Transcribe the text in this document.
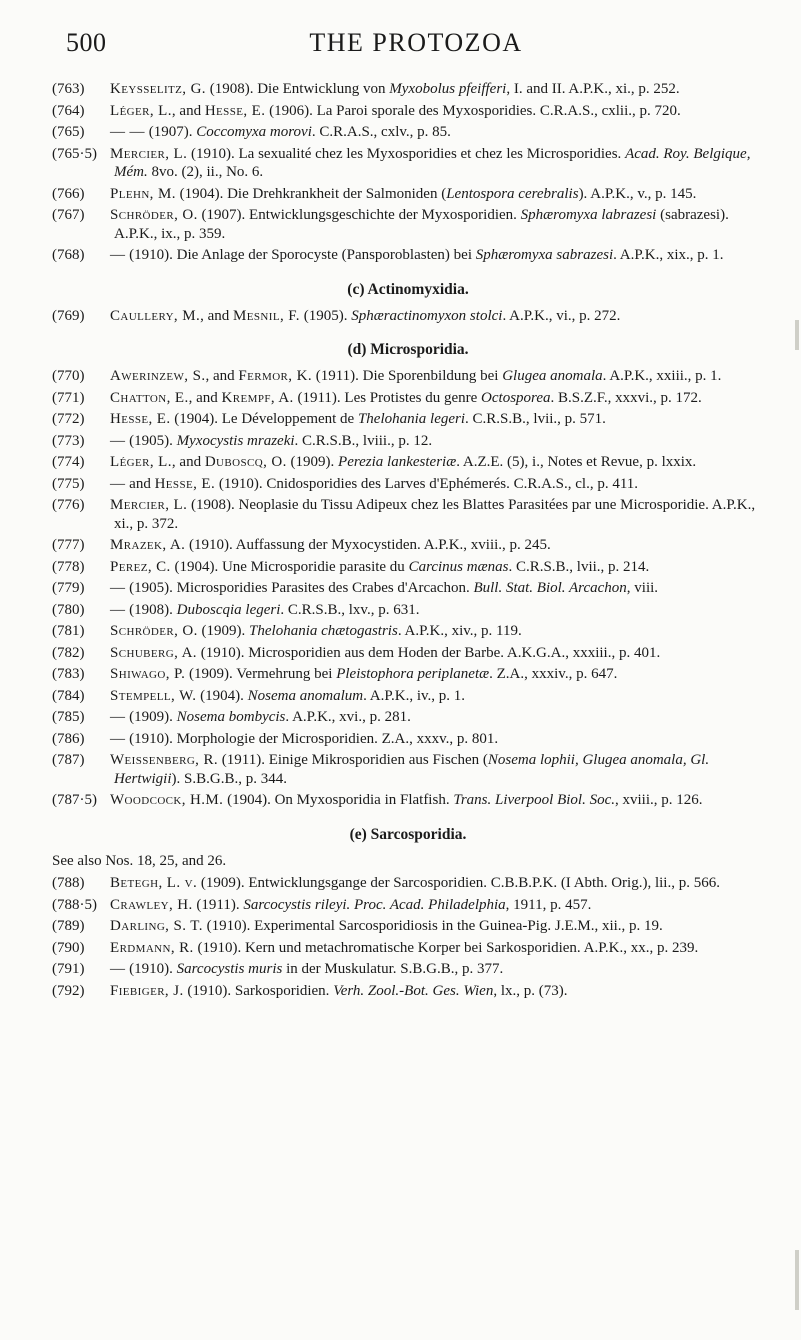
500	THE PROTOZOA
(763) Keysselitz, G. (1908). Die Entwicklung von Myxobolus pfeifferi, I. and II. A.P.K., xi., p. 252.
(764) Léger, L., and Hesse, E. (1906). La Paroi sporale des Myxosporidies. C.R.A.S., cxlii., p. 720.
(765) — — (1907). Coccomyxa morovi. C.R.A.S., cxlv., p. 85.
(765·5) Mercier, L. (1910). La sexualité chez les Myxosporidies et chez les Microsporidies. Acad. Roy. Belgique, Mém. 8vo. (2), ii., No. 6.
(766) Plehn, M. (1904). Die Drehkrankheit der Salmoniden (Lentospora cerebralis). A.P.K., v., p. 145.
(767) Schröder, O. (1907). Entwicklungsgeschichte der Myxosporidien. Sphæromyxa labrazesi (sabrazesi). A.P.K., ix., p. 359.
(768) — (1910). Die Anlage der Sporocyste (Pansporoblasten) bei Sphæromyxa sabrazesi. A.P.K., xix., p. 1.
(c) Actinomyxidia.
(769) Caullery, M., and Mesnil, F. (1905). Sphæractinomyxon stolci. A.P.K., vi., p. 272.
(d) Microsporidia.
(770) Awerinzew, S., and Fermor, K. (1911). Die Sporenbildung bei Glugea anomala. A.P.K., xxiii., p. 1.
(771) Chatton, E., and Krempf, A. (1911). Les Protistes du genre Octosporea. B.S.Z.F., xxxvi., p. 172.
(772) Hesse, E. (1904). Le Développement de Thelohania legeri. C.R.S.B., lvii., p. 571.
(773) — (1905). Myxocystis mrazeki. C.R.S.B., lviii., p. 12.
(774) Léger, L., and Duboscq, O. (1909). Perezia lankesteriæ. A.Z.E. (5), i., Notes et Revue, p. lxxix.
(775) — and Hesse, E. (1910). Cnidosporidies des Larves d'Ephémerés. C.R.A.S., cl., p. 411.
(776) Mercier, L. (1908). Neoplasie du Tissu Adipeux chez les Blattes Parasitées par une Microsporidie. A.P.K., xi., p. 372.
(777) Mrazek, A. (1910). Auffassung der Myxocystiden. A.P.K., xviii., p. 245.
(778) Perez, C. (1904). Une Microsporidie parasite du Carcinus mænas. C.R.S.B., lvii., p. 214.
(779) — (1905). Microsporidies Parasites des Crabes d'Arcachon. Bull. Stat. Biol. Arcachon, viii.
(780) — (1908). Duboscqia legeri. C.R.S.B., lxv., p. 631.
(781) Schröder, O. (1909). Thelohania chætogastris. A.P.K., xiv., p. 119.
(782) Schuberg, A. (1910). Microsporidien aus dem Hoden der Barbe. A.K.G.A., xxxiii., p. 401.
(783) Shiwago, P. (1909). Vermehrung bei Pleistophora periplanetæ. Z.A., xxxiv., p. 647.
(784) Stempell, W. (1904). Nosema anomalum. A.P.K., iv., p. 1.
(785) — (1909). Nosema bombycis. A.P.K., xvi., p. 281.
(786) — (1910). Morphologie der Microsporidien. Z.A., xxxv., p. 801.
(787) Weissenberg, R. (1911). Einige Mikrosporidien aus Fischen (Nosema lophii, Glugea anomala, Gl. Hertwigii). S.B.G.B., p. 344.
(787·5) Woodcock, H.M. (1904). On Myxosporidia in Flatfish. Trans. Liverpool Biol. Soc., xviii., p. 126.
(e) Sarcosporidia.
See also Nos. 18, 25, and 26.
(788) Betegh, L. v. (1909). Entwicklungsgange der Sarcosporidien. C.B.B.P.K. (I Abth. Orig.), lii., p. 566.
(788·5) Crawley, H. (1911). Sarcocystis rileyi. Proc. Acad. Philadelphia, 1911, p. 457.
(789) Darling, S. T. (1910). Experimental Sarcosporidiosis in the Guinea-Pig. J.E.M., xii., p. 19.
(790) Erdmann, R. (1910). Kern und metachromatische Korper bei Sarkosporidien. A.P.K., xx., p. 239.
(791) — (1910). Sarcocystis muris in der Muskulatur. S.B.G.B., p. 377.
(792) Fiebiger, J. (1910). Sarkosporidien. Verh. Zool.-Bot. Ges. Wien, lx., p. (73).
